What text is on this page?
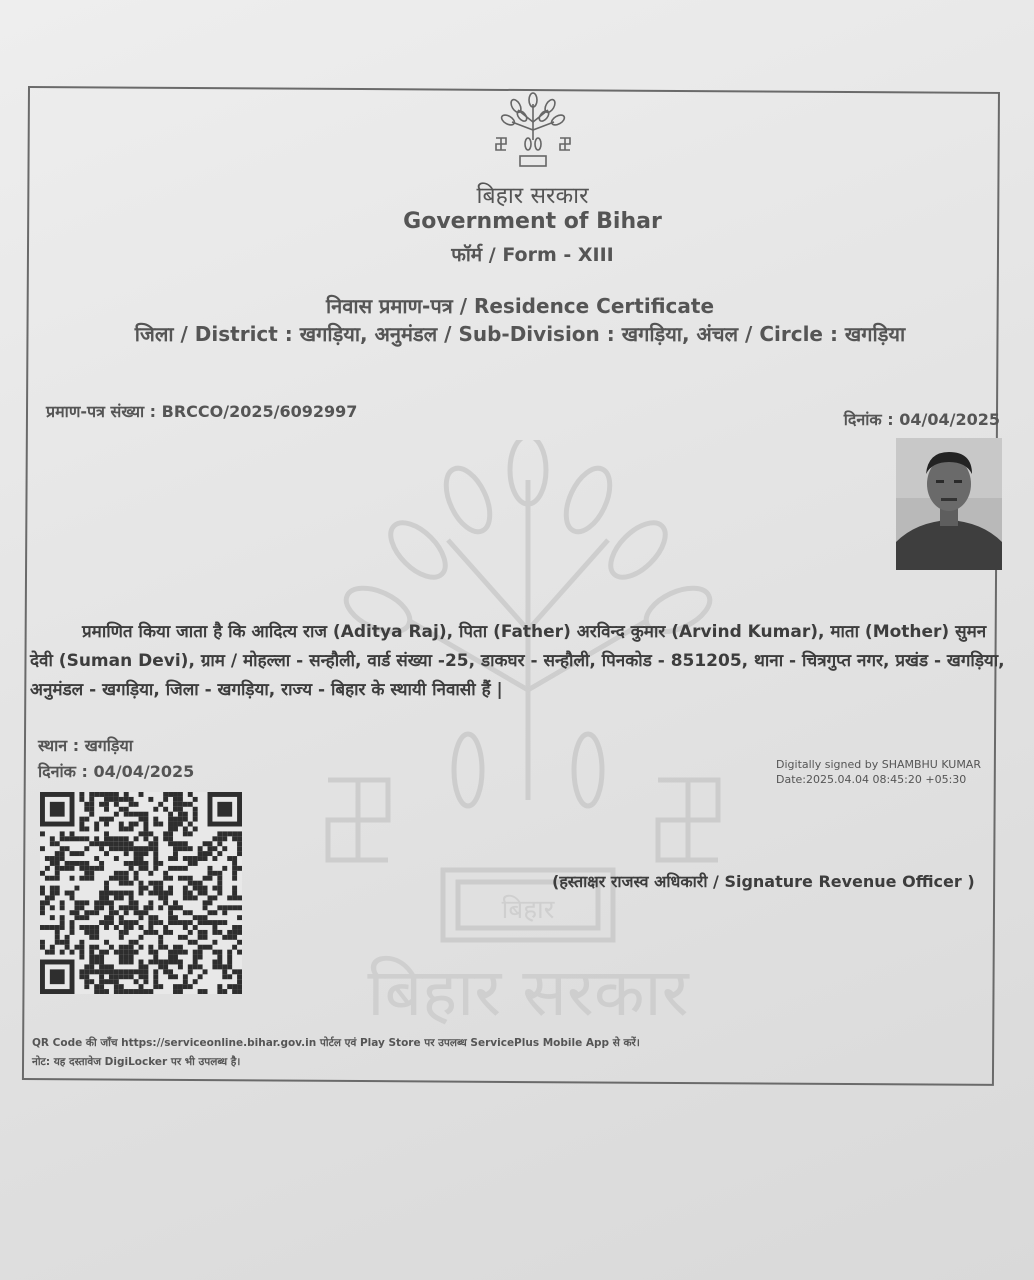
बिहार सरकार
Government of Bihar
फॉर्म / Form - XIII
निवास प्रमाण-पत्र / Residence Certificate
जिला / District : खगड़िया, अनुमंडल / Sub-Division : खगड़िया, अंचल / Circle : खगड़िया
प्रमाण-पत्र संख्या : BRCCO/2025/6092997	दिनांक : 04/04/2025
बिहार सरकार
बिहार
प्रमाणित किया जाता है कि आदित्य राज (Aditya Raj), पिता (Father) अरविन्द कुमार (Arvind Kumar), माता (Mother) सुमन देवी (Suman Devi), ग्राम / मोहल्ला - सन्हौली, वार्ड संख्या -25, डाकघर - सन्हौली, पिनकोड - 851205, थाना - चित्रगुप्त नगर, प्रखंड - खगड़िया, अनुमंडल - खगड़िया, जिला - खगड़िया, राज्य - बिहार के स्थायी निवासी हैं |
स्थान : खगड़िया
दिनांक : 04/04/2025	Digitally signed by SHAMBHU KUMAR
Date:2025.04.04 08:45:20 +05:30
(हस्ताक्षर राजस्व अधिकारी / Signature Revenue Officer )
QR Code की जाँच https://serviceonline.bihar.gov.in पोर्टल एवं Play Store पर उपलब्ध ServicePlus Mobile App से करें।
नोट: यह दस्तावेज DigiLocker पर भी उपलब्ध है।
